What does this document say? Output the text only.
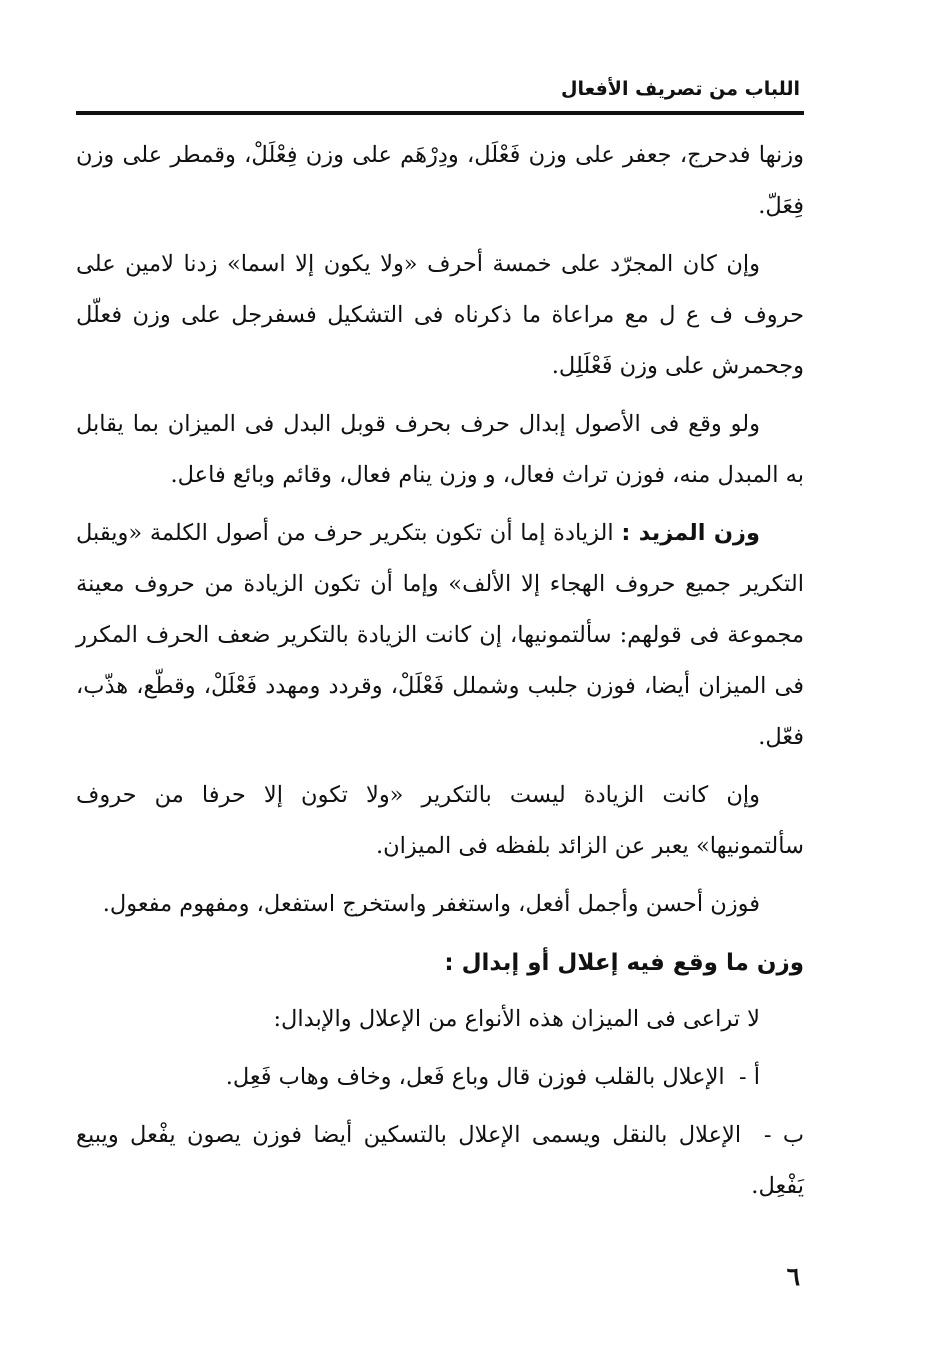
اللباب من تصريف الأفعال

وزنها فدحرج، جعفر على وزن فَعْلَل، ودِرْهَم على وزن فِعْلَلْ، وقمطر على وزن فِعَلّ.

وإن كان المجرّد على خمسة أحرف «ولا يكون إلا اسما» زدنا لامين على حروف ف ع ل مع مراعاة ما ذكرناه فى التشكيل فسفرجل على وزن فعلّل وجحمرش على وزن فَعْلَلِل.

ولو وقع فى الأصول إبدال حرف بحرف قوبل البدل فى الميزان بما يقابل به المبدل منه، فوزن تراث فعال، و وزن ينام فعال، وقائم وبائع فاعل.

وزن المزيد : الزيادة إما أن تكون بتكرير حرف من أصول الكلمة «ويقبل التكرير جميع حروف الهجاء إلا الألف» وإما أن تكون الزيادة من حروف معينة مجموعة فى قولهم: سألتمونيها، إن كانت الزيادة بالتكرير ضعف الحرف المكرر فى الميزان أيضا، فوزن جلبب وشملل فَعْلَلْ، وقردد ومهدد فَعْلَلْ، وقطّع، هذّب، فعّل.

وإن كانت الزيادة ليست بالتكرير «ولا تكون إلا حرفا من حروف سألتمونيها» يعبر عن الزائد بلفظه فى الميزان.

فوزن أحسن وأجمل أفعل، واستغفر واستخرج استفعل، ومفهوم مفعول.

وزن ما وقع فيه إعلال أو إبدال :

لا تراعى فى الميزان هذه الأنواع من الإعلال والإبدال:

أ -  الإعلال بالقلب فوزن قال وباع فَعل، وخاف وهاب فَعِل.

ب -  الإعلال بالنقل ويسمى الإعلال بالتسكين أيضا فوزن يصون يفْعل ويبيع يَفْعِل.

٦
